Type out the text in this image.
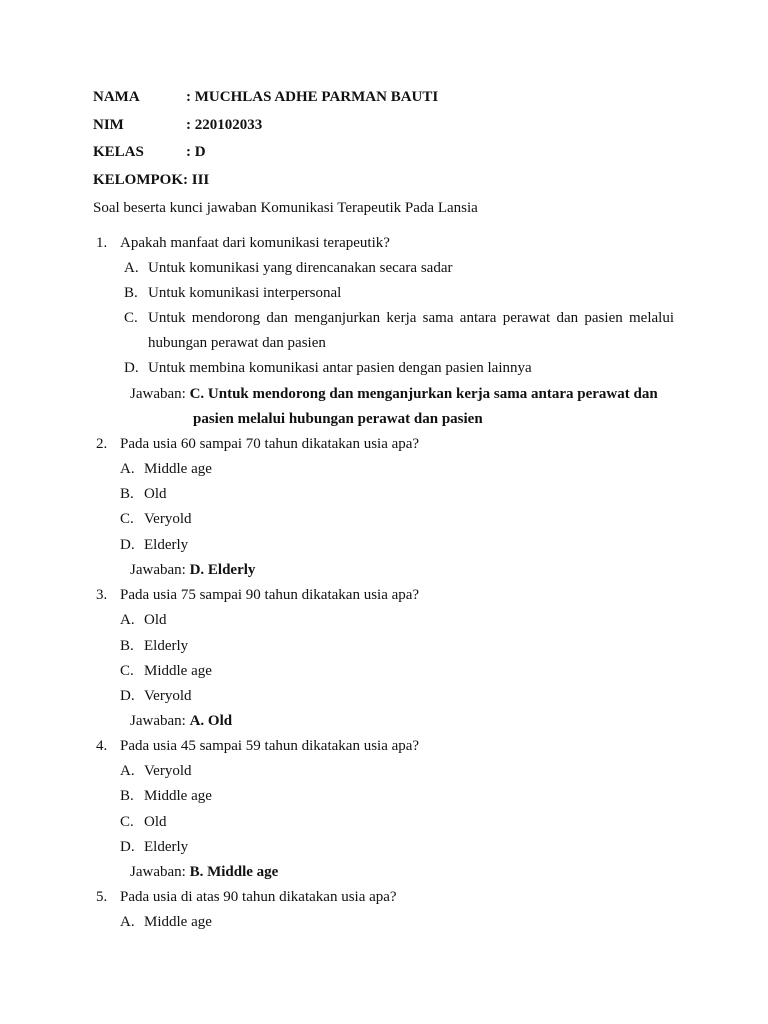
NAMA	: MUCHLAS ADHE PARMAN BAUTI
NIM	: 220102033
KELAS	: D
KELOMPOK: III
Soal beserta kunci jawaban Komunikasi Terapeutik Pada Lansia
1. Apakah manfaat dari komunikasi terapeutik?
A. Untuk komunikasi yang direncanakan secara sadar
B. Untuk komunikasi interpersonal
C. Untuk mendorong dan menganjurkan kerja sama antara perawat dan pasien melalui
hubungan perawat dan pasien
D. Untuk membina komunikasi antar pasien dengan pasien lainnya
Jawaban: C. Untuk mendorong dan menganjurkan kerja sama antara perawat dan
pasien melalui hubungan perawat dan pasien
2. Pada usia 60 sampai 70 tahun dikatakan usia apa?
A. Middle age
B. Old
C. Veryold
D. Elderly
Jawaban: D. Elderly
3. Pada usia 75 sampai 90 tahun dikatakan usia apa?
A. Old
B. Elderly
C. Middle age
D. Veryold
Jawaban: A. Old
4. Pada usia 45 sampai 59 tahun dikatakan usia apa?
A. Veryold
B. Middle age
C. Old
D. Elderly
Jawaban: B. Middle age
5. Pada usia di atas 90 tahun dikatakan usia apa?
A. Middle age
